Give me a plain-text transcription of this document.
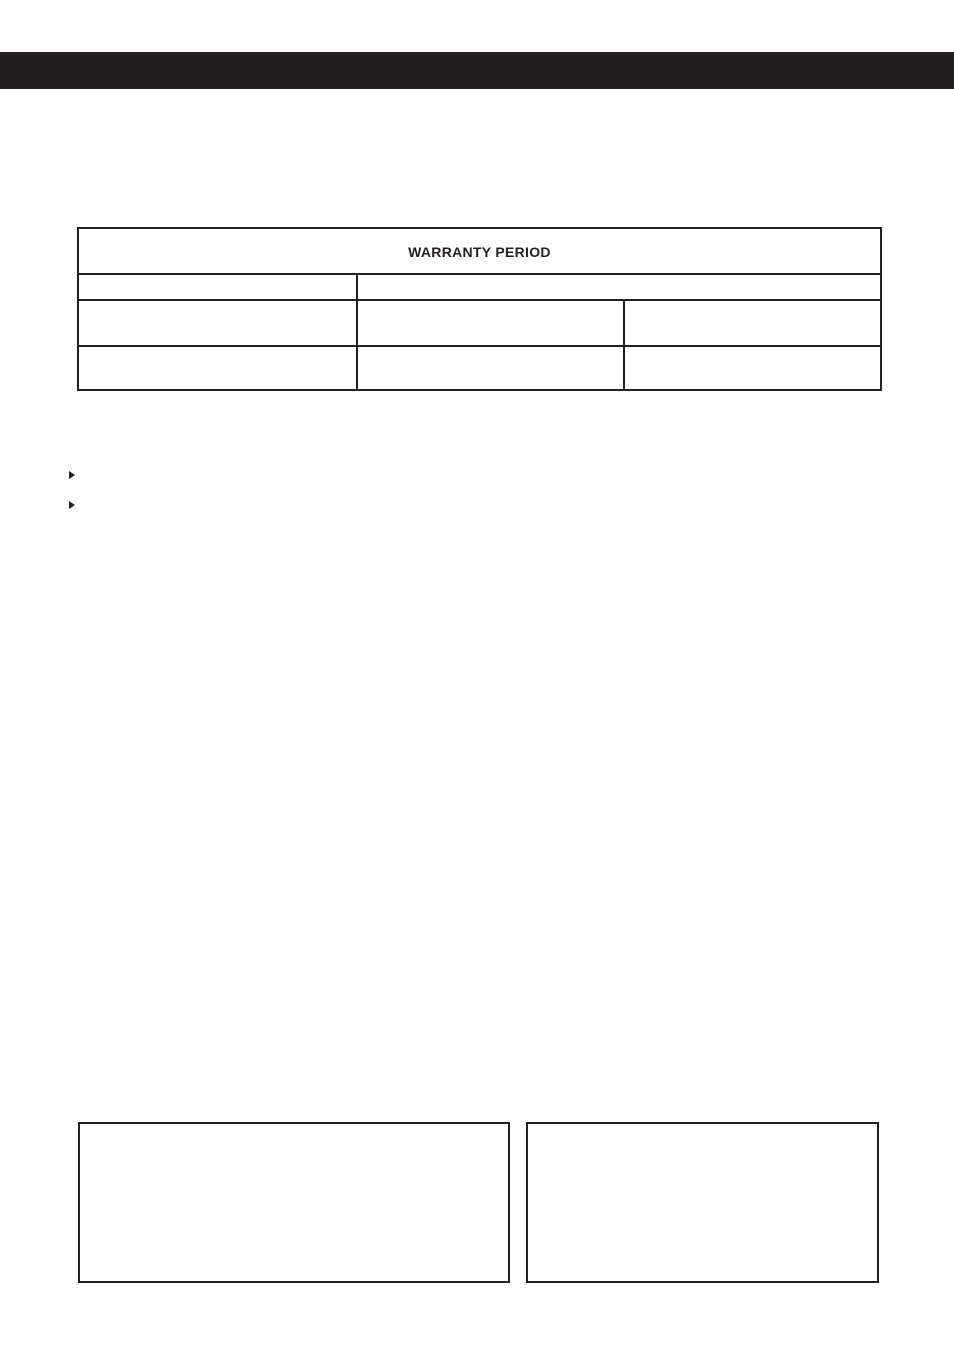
WARRANTY PERIOD
